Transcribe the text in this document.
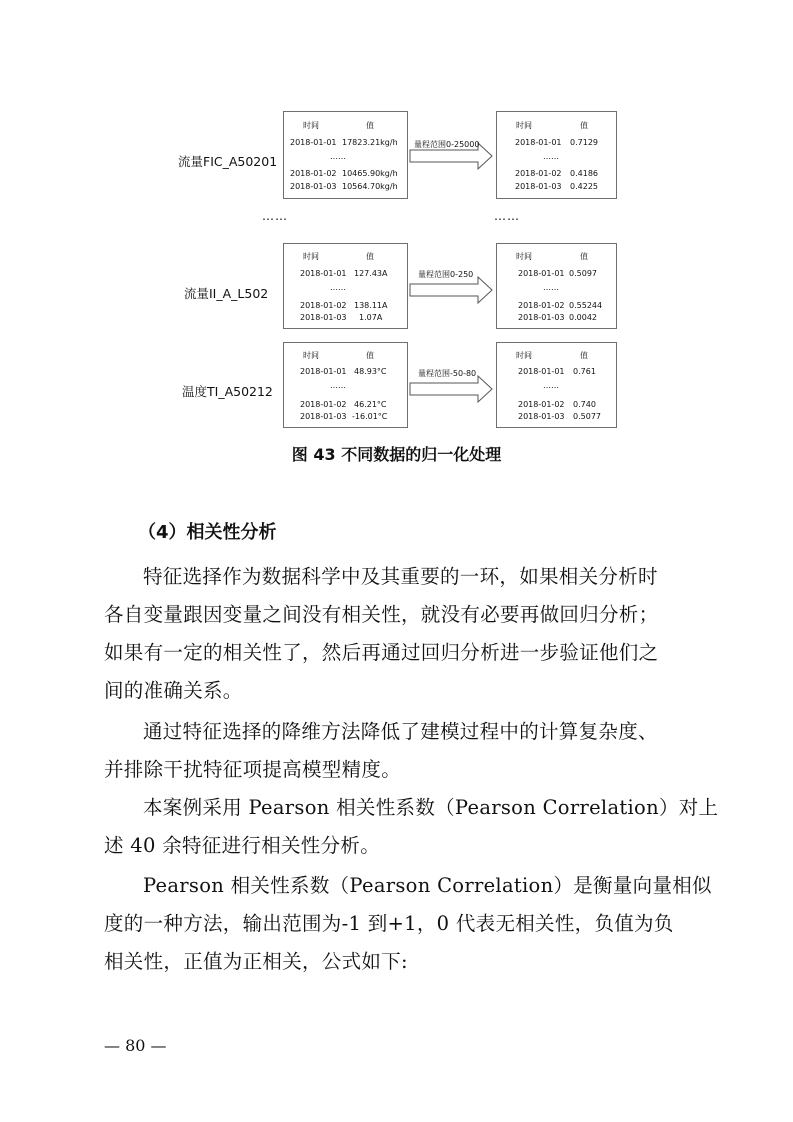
流量FIC_A50201
时间	值
2018-01-01 17823.21kg/h
……
2018-01-02 10465.90kg/h
2018-01-03 10564.70kg/h
量程范围0-25000
时间	值
2018-01-01 0.7129
……
2018-01-02 0.4186
2018-01-03 0.4225
……	……
流量II_A_L502
时间	值
2018-01-01 127.43A
……
2018-01-02 138.11A
2018-01-03 1.07A
量程范围0-250
时间	值
2018-01-01 0.5097
……
2018-01-02 0.55244
2018-01-03 0.0042
温度TI_A50212
时间	值
2018-01-01 48.93°C
……
2018-01-02 46.21°C
2018-01-03 -16.01°C
量程范围-50-80
时间	值
2018-01-01 0.761
……
2018-01-02 0.740
2018-01-03 0.5077
图 43 不同数据的归一化处理
（4）相关性分析
特征选择作为数据科学中及其重要的一环，如果相关分析时
各自变量跟因变量之间没有相关性，就没有必要再做回归分析；
如果有一定的相关性了，然后再通过回归分析进一步验证他们之
间的准确关系。
通过特征选择的降维方法降低了建模过程中的计算复杂度、
并排除干扰特征项提高模型精度。
本案例采用 Pearson 相关性系数（Pearson Correlation）对上
述 40 余特征进行相关性分析。
Pearson 相关性系数（Pearson Correlation）是衡量向量相似
度的一种方法，输出范围为-1 到+1，0 代表无相关性，负值为负
相关性，正值为正相关，公式如下:
— 80 —
